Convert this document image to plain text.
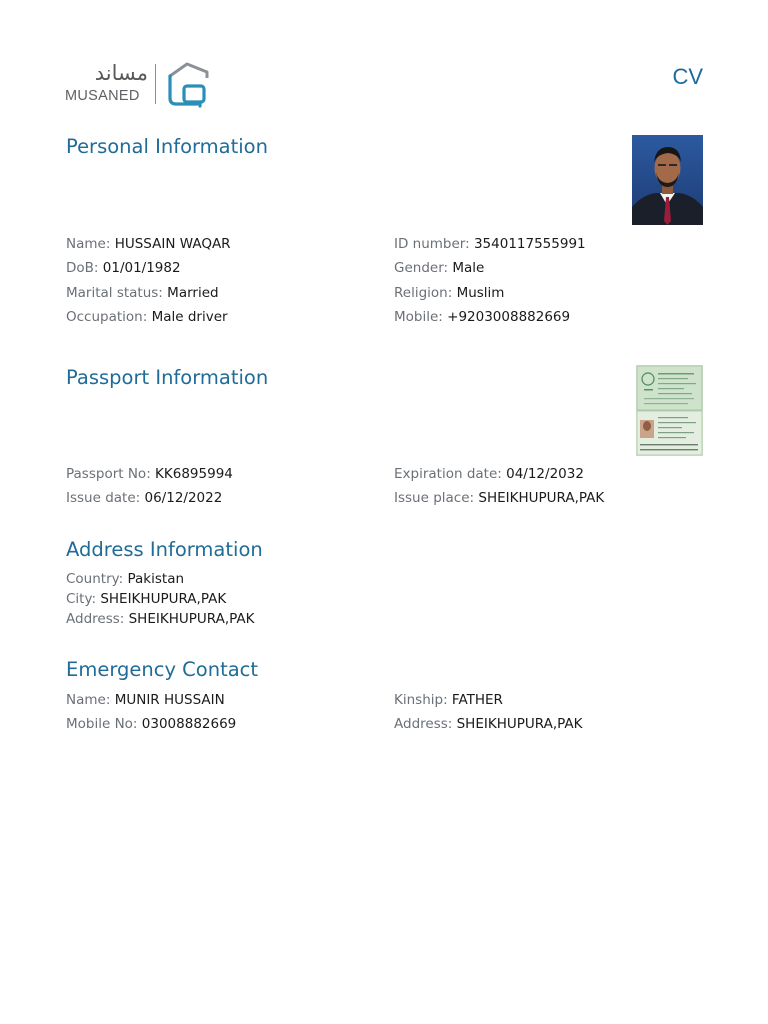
مساند
MUSANED
CV
Personal Information
Name: HUSSAIN WAQAR	ID number: 3540117555991
DoB: 01/01/1982	Gender: Male
Marital status: Married	Religion: Muslim
Occupation: Male driver	Mobile: +9203008882669
Passport Information
Passport No: KK6895994	Expiration date: 04/12/2032
Issue date: 06/12/2022	Issue place: SHEIKHUPURA,PAK
Address Information
Country: Pakistan
City: SHEIKHUPURA,PAK
Address: SHEIKHUPURA,PAK
Emergency Contact
Name: MUNIR HUSSAIN	Kinship: FATHER
Mobile No: 03008882669	Address: SHEIKHUPURA,PAK
